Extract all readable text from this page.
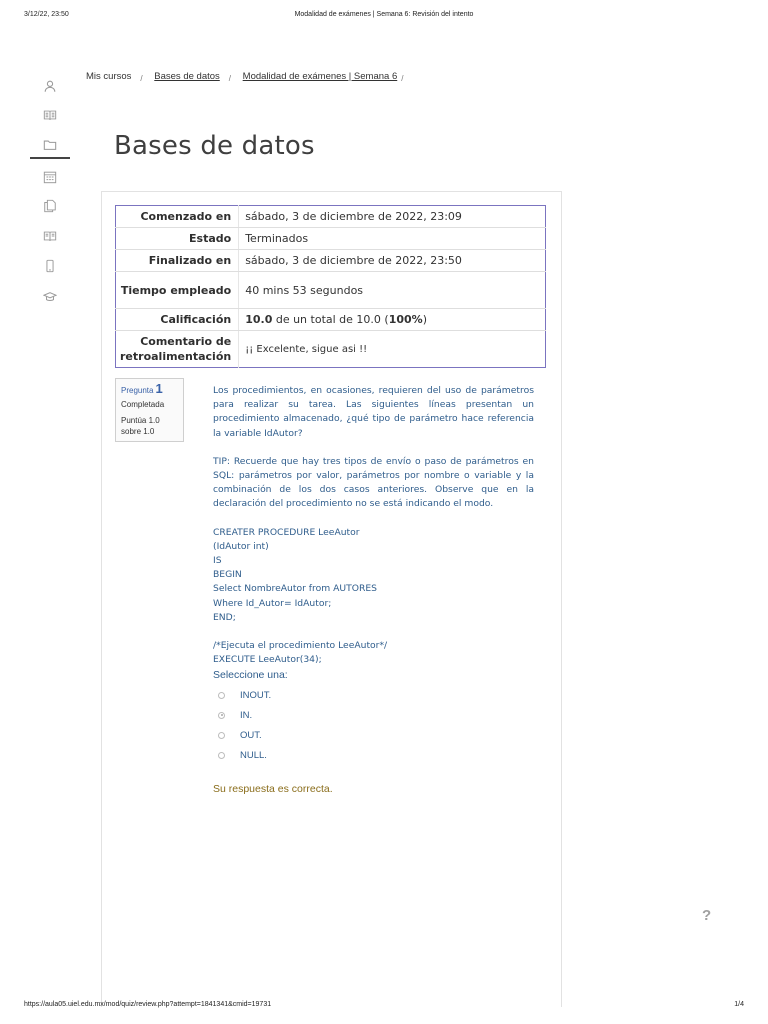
3/12/22, 23:50	Modalidad de exámenes | Semana 6: Revisión del intento
Mis cursos $_/$ Bases de datos $_/$ Modalidad de exámenes | Semana 6 $_/$
Bases de datos
Comenzado en	sábado, 3 de diciembre de 2022, 23:09
Estado	Terminados
Finalizado en	sábado, 3 de diciembre de 2022, 23:50
Tiempo empleado	40 mins 53 segundos
Calificación	10.0 de un total de 10.0 (100%)
Comentario de retroalimentación	¡¡ Excelente, sigue asi !!
Pregunta 1
Completada
Puntúa 1.0 sobre 1.0

Los procedimientos, en ocasiones, requieren del uso de parámetros para realizar su tarea. Las siguientes líneas presentan un procedimiento almacenado, ¿qué tipo de parámetro hace referencia la variable IdAutor?

TIP: Recuerde que hay tres tipos de envío o paso de parámetros en SQL: parámetros por valor, parámetros por nombre o variable y la combinación de los dos casos anteriores. Observe que en la declaración del procedimiento no se está indicando el modo.

CREATER PROCEDURE LeeAutor
(IdAutor int)
IS
BEGIN
Select NombreAutor from AUTORES
Where Id_Autor= IdAutor;
END;
/*Ejecuta el procedimiento LeeAutor*/
EXECUTE LeeAutor(34);
Seleccione una:
INOUT.
IN.
OUT.
NULL.
Su respuesta es correcta.
?
https://aula05.uiel.edu.mx/mod/quiz/review.php?attempt=1841341&cmid=19731	1/4
